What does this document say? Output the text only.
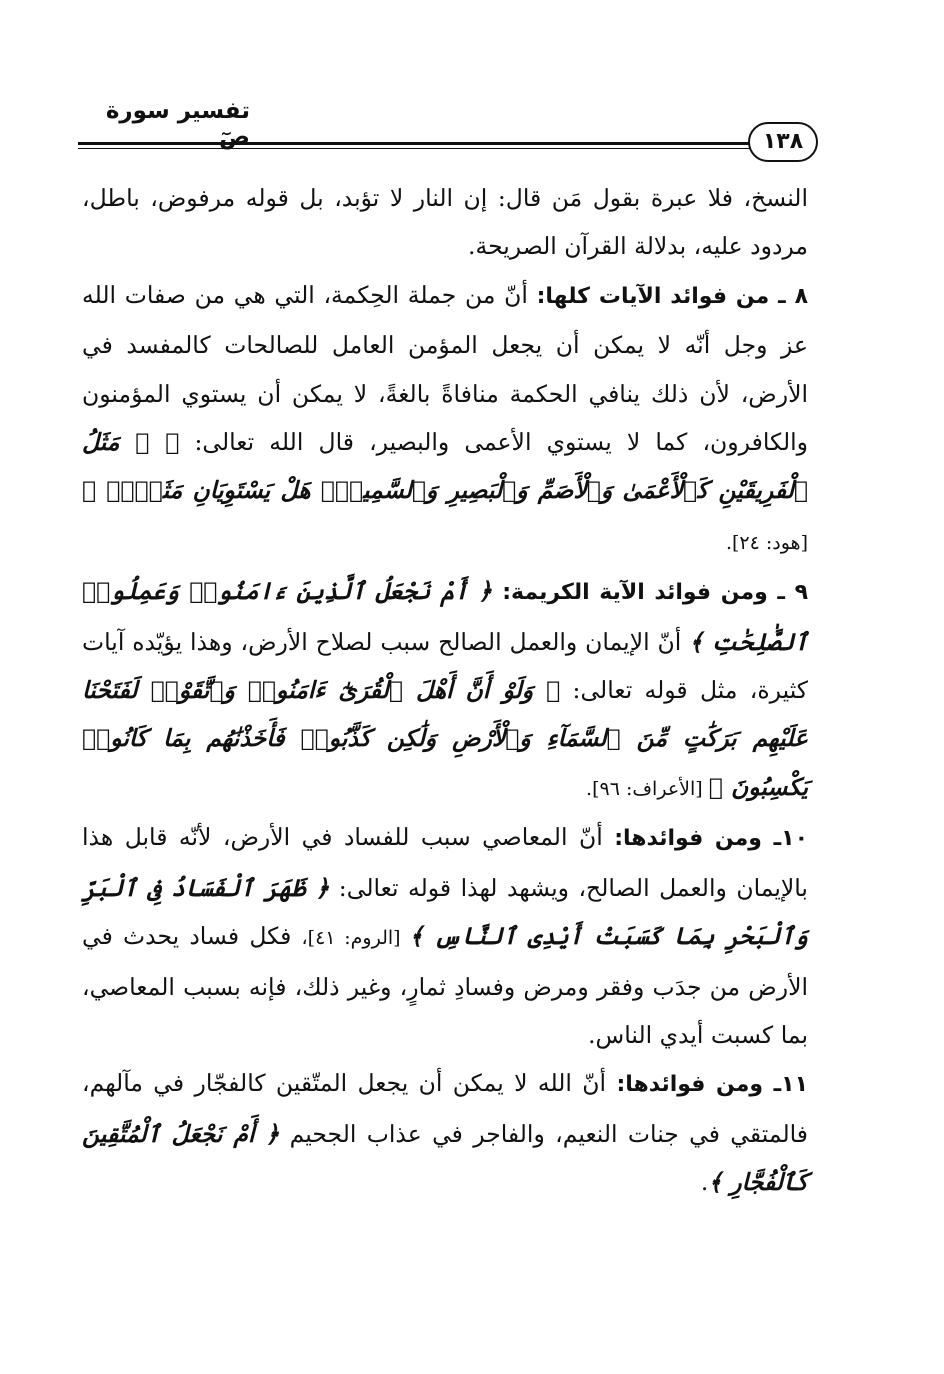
تفسير سورة صٓ	١٣٨

النسخ، فلا عبرة بقول مَن قال: إن النار لا تؤبد، بل قوله مرفوض، باطل، مردود عليه، بدلالة القرآن الصريحة.

٨ ـ من فوائد الآيات كلها: أنّ من جملة الحِكمة، التي هي من صفات الله عز وجل أنّه لا يمكن أن يجعل المؤمن العامل للصالحات كالمفسد في الأرض، لأن ذلك ينافي الحكمة منافاةً بالغةً، لا يمكن أن يستوي المؤمنون والكافرون، كما لا يستوي الأعمى والبصير، قال الله تعالى: ﴿ ۞ مَثَلُ ٱلْفَرِيقَيْنِ كَٱلْأَعْمَىٰ وَٱلْأَصَمِّ وَٱلْبَصِيرِ وَٱلسَّمِيعِۚ هَلْ يَسْتَوِيَانِ مَثَلًاۚ ﴾ [هود: ٢٤].

٩ ـ ومن فوائد الآية الكريمة: ﴿ أَمْ نَجْعَلُ ٱلَّذِينَ ءَامَنُوا۟ وَعَمِلُوا۟ ٱلصَّٰلِحَٰتِ ﴾ أنّ الإيمان والعمل الصالح سبب لصلاح الأرض، وهذا يؤيّده آيات كثيرة، مثل قوله تعالى: ﴿ وَلَوْ أَنَّ أَهْلَ ٱلْقُرَىٰٓ ءَامَنُوا۟ وَٱتَّقَوْا۟ لَفَتَحْنَا عَلَيْهِم بَرَكَٰتٍ مِّنَ ٱلسَّمَآءِ وَٱلْأَرْضِ وَلَٰكِن كَذَّبُوا۟ فَأَخَذْنَٰهُم بِمَا كَانُوا۟ يَكْسِبُونَ ﴾ [الأعراف: ٩٦].

١٠ـ ومن فوائدها: أنّ المعاصي سبب للفساد في الأرض، لأنّه قابل هذا بالإيمان والعمل الصالح، ويشهد لهذا قوله تعالى: ﴿ ظَهَرَ ٱلْفَسَادُ فِى ٱلْبَرِّ وَٱلْبَحْرِ بِمَا كَسَبَتْ أَيْدِى ٱلنَّاسِ ﴾ [الروم: ٤١]، فكل فساد يحدث في الأرض من جدَب وفقر ومرض وفسادِ ثمارٍ، وغير ذلك، فإنه بسبب المعاصي، بما كسبت أيدي الناس.

١١ـ ومن فوائدها: أنّ الله لا يمكن أن يجعل المتّقين كالفجّار في مآلهم، فالمتقي في جنات النعيم، والفاجر في عذاب الجحيم ﴿ أَمْ نَجْعَلُ ٱلْمُتَّقِينَ كَٱلْفُجَّارِ ﴾.
